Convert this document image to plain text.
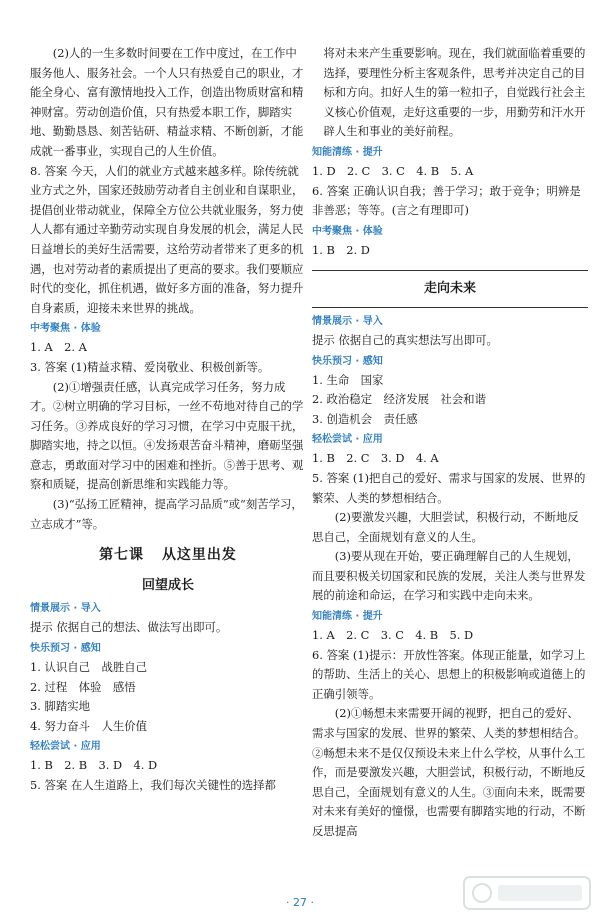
(2)人的一生多数时间要在工作中度过，在工作中服务他人、服务社会。一个人只有热爱自己的职业，才能全身心、富有激情地投入工作，创造出物质财富和精神财富。劳动创造价值，只有热爱本职工作，脚踏实地、勤勤恳恳、刻苦钻研、精益求精、不断创新，才能成就一番事业，实现自己的人生价值。

8. 答案 今天，人们的就业方式越来越多样。除传统就业方式之外，国家还鼓励劳动者自主创业和自谋职业，提倡创业带动就业，保障全方位公共就业服务，努力使人人都有通过辛勤劳动实现自身发展的机会，满足人民日益增长的美好生活需要，这给劳动者带来了更多的机遇，也对劳动者的素质提出了更高的要求。我们要顺应时代的变化，抓住机遇，做好多方面的准备，努力提升自身素质，迎接未来世界的挑战。

中考聚焦 · 体验

1. A　2. A

3. 答案 (1)精益求精、爱岗敬业、积极创新等。

(2)①增强责任感，认真完成学习任务，努力成才。②树立明确的学习目标，一丝不苟地对待自己的学习任务。③养成良好的学习习惯，在学习中克服干扰，脚踏实地，持之以恒。④发扬艰苦奋斗精神，磨砺坚强意志，勇敢面对学习中的困难和挫折。⑤善于思考、观察和质疑，提高创新思维和实践能力等。

(3)“弘扬工匠精神，提高学习品质”或“刻苦学习，立志成才”等。

第七课 从这里出发
回望成长
情景展示 · 导入

提示 依据自己的想法、做法写出即可。

快乐预习 · 感知

1. 认识自己　战胜自己

2. 过程　体验　感悟

3. 脚踏实地

4. 努力奋斗　人生价值

轻松尝试 · 应用

1. B　2. B　3. D　4. D

5. 答案 在人生道路上，我们每次关键性的选择都

将对未来产生重要影响。现在，我们就面临着重要的选择，要理性分析主客观条件，思考并决定自己的目标和方向。扣好人生的第一粒扣子，自觉践行社会主义核心价值观，走好这重要的一步，用勤劳和汗水开辟人生和事业的美好前程。

知能清练 · 提升

1. D　2. C　3. C　4. B　5. A

6. 答案 正确认识自我；善于学习；敢于竞争；明辨是非善恶；等等。(言之有理即可)

中考聚焦 · 体验

1. B　2. D

走向未来
情景展示 · 导入

提示 依据自己的真实想法写出即可。

快乐预习 · 感知

1. 生命　国家

2. 政治稳定　经济发展　社会和谐

3. 创造机会　责任感

轻松尝试 · 应用

1. B　2. C　3. D　4. A

5. 答案 (1)把自己的爱好、需求与国家的发展、世界的繁荣、人类的梦想相结合。

(2)要激发兴趣，大胆尝试，积极行动，不断地反思自己，全面规划有意义的人生。

(3)要从现在开始，要正确理解自己的人生规划，而且要积极关切国家和民族的发展，关注人类与世界发展的前途和命运，在学习和实践中走向未来。

知能清练 · 提升

1. A　2. C　3. C　4. B　5. D

6. 答案 (1)提示：开放性答案。体现正能量，如学习上的帮助、生活上的关心、思想上的积极影响或道德上的正确引领等。

(2)①畅想未来需要开阔的视野，把自己的爱好、需求与国家的发展、世界的繁荣、人类的梦想相结合。②畅想未来不是仅仅预设未来上什么学校，从事什么工作，而是要激发兴趣，大胆尝试，积极行动，不断地反思自己，全面规划有意义的人生。③面向未来，既需要对未来有美好的憧憬，也需要有脚踏实地的行动，不断反思提高

· 27 ·
